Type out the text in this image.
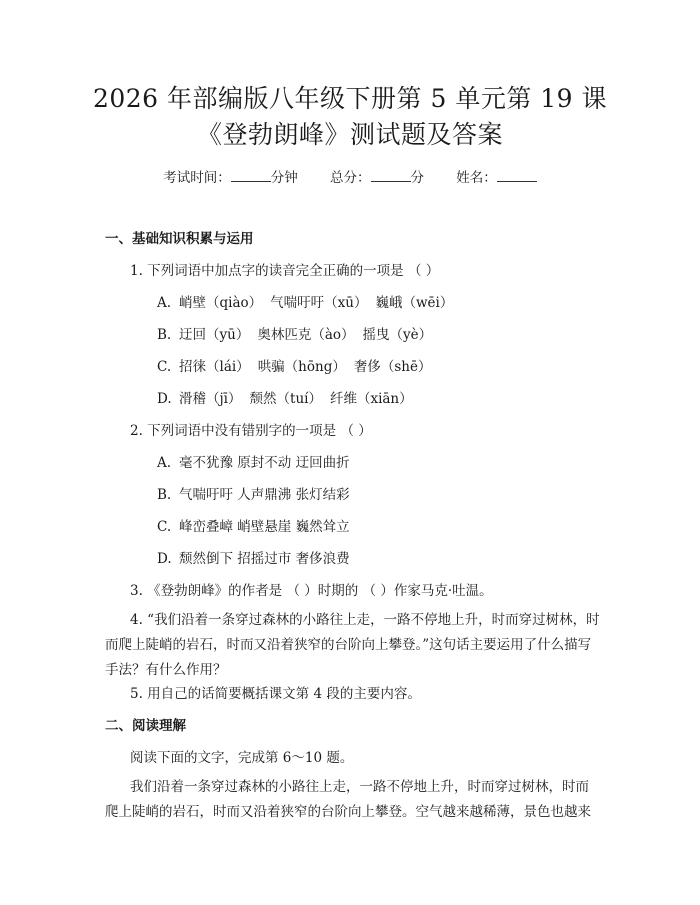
2026 年部编版八年级下册第 5 单元第 19 课
《登勃朗峰》测试题及答案
考试时间：	分钟 总分：	分 姓名：
一、基础知识积累与运用
1. 下列词语中加点字的读音完全正确的一项是 （ ）
A. 峭壁（qiào） 气喘吁吁（xū） 巍峨（wēi）
B. 迂回（yū） 奥林匹克（ào） 摇曳（yè）
C. 招徕（lái） 哄骗（hōng） 奢侈（shē）
D. 滑稽（jī） 颓然（tuí） 纤维（xiān）
2. 下列词语中没有错别字的一项是 （ ）
A. 毫不犹豫 原封不动 迂回曲折
B. 气喘吁吁 人声鼎沸 张灯结彩
C. 峰峦叠嶂 峭壁悬崖 巍然耸立
D. 颓然倒下 招摇过市 奢侈浪费
3. 《登勃朗峰》的作者是 （ ）时期的 （ ）作家马克·吐温。
4. “我们沿着一条穿过森林的小路往上走，一路不停地上升，时而穿过树林，时而爬上陡峭的岩石，时而又沿着狭窄的台阶向上攀登。”这句话主要运用了什么描写手法？有什么作用？
5. 用自己的话简要概括课文第 4 段的主要内容。
二、阅读理解
阅读下面的文字，完成第 6～10 题。
我们沿着一条穿过森林的小路往上走，一路不停地上升，时而穿过树林，时而爬上陡峭的岩石，时而又沿着狭窄的台阶向上攀登。空气越来越稀薄，景色也越来
